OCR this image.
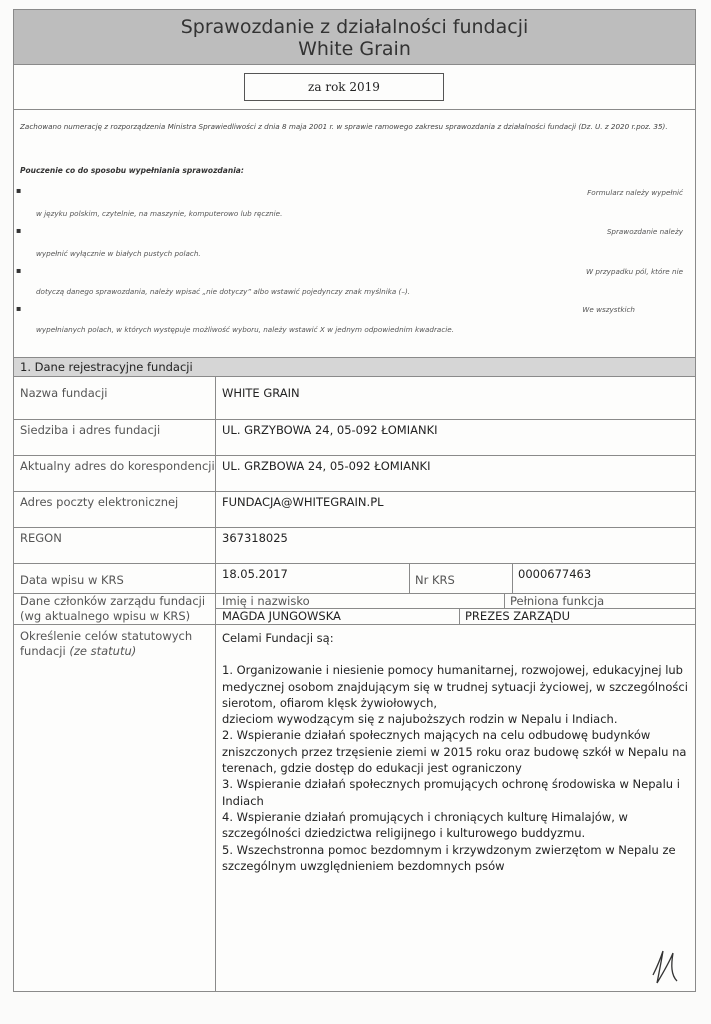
Sprawozdanie z działalności fundacji
White Grain
za rok 2019
Zachowano numerację z rozporządzenia Ministra Sprawiedliwości z dnia 8 maja 2001 r. w sprawie ramowego zakresu sprawozdania z działalności fundacji (Dz. U. z 2020 r.poz. 35).
Pouczenie co do sposobu wypełniania sprawozdania:
▪	Formularz należy wypełnić
w języku polskim, czytelnie, na maszynie, komputerowo lub ręcznie.
▪	Sprawozdanie należy
wypełnić wyłącznie w białych pustych polach.
▪	W przypadku pól, które nie
dotyczą danego sprawozdania, należy wpisać „nie dotyczy” albo wstawić pojedynczy znak myślnika (–).
▪	We wszystkich
wypełnianych polach, w których występuje możliwość wyboru, należy wstawić X w jednym odpowiednim kwadracie.
1. Dane rejestracyjne fundacji
Nazwa fundacji	WHITE GRAIN
Siedziba i adres fundacji	UL. GRZYBOWA 24, 05-092 ŁOMIANKI
Aktualny adres do korespondencji UL. GRZBOWA 24, 05-092 ŁOMIANKI
Adres poczty elektronicznej	FUNDACJA@WHITEGRAIN.PL
REGON	367318025
Data wpisu w KRS	18.05.2017	Nr KRS	0000677463
Dane członków zarządu fundacji
(wg aktualnego wpisu w KRS)
Imię i nazwisko	Pełniona funkcja
MAGDA JUNGOWSKA	PREZES ZARZĄDU
Określenie celów statutowych
fundacji (ze statutu)

Celami Fundacji są:

1. Organizowanie i niesienie pomocy humanitarnej, rozwojowej, edukacyjnej lub medycznej osobom znajdującym się w trudnej sytuacji życiowej, w szczególności sierotom, ofiarom klęsk żywiołowych,

dzieciom wywodzącym się z najuboższych rodzin w Nepalu i Indiach.

2. Wspieranie działań społecznych mających na celu odbudowę budynków zniszczonych przez trzęsienie ziemi w 2015 roku oraz budowę szkół w Nepalu na terenach, gdzie dostęp do edukacji jest ograniczony

3. Wspieranie działań społecznych promujących ochronę środowiska w Nepalu i Indiach

4. Wspieranie działań promujących i chroniących kulturę Himalajów, w szczególności dziedzictwa religijnego i kulturowego buddyzmu.

5. Wszechstronna pomoc bezdomnym i krzywdzonym zwierzętom w Nepalu ze szczególnym uwzględnieniem bezdomnych psów
